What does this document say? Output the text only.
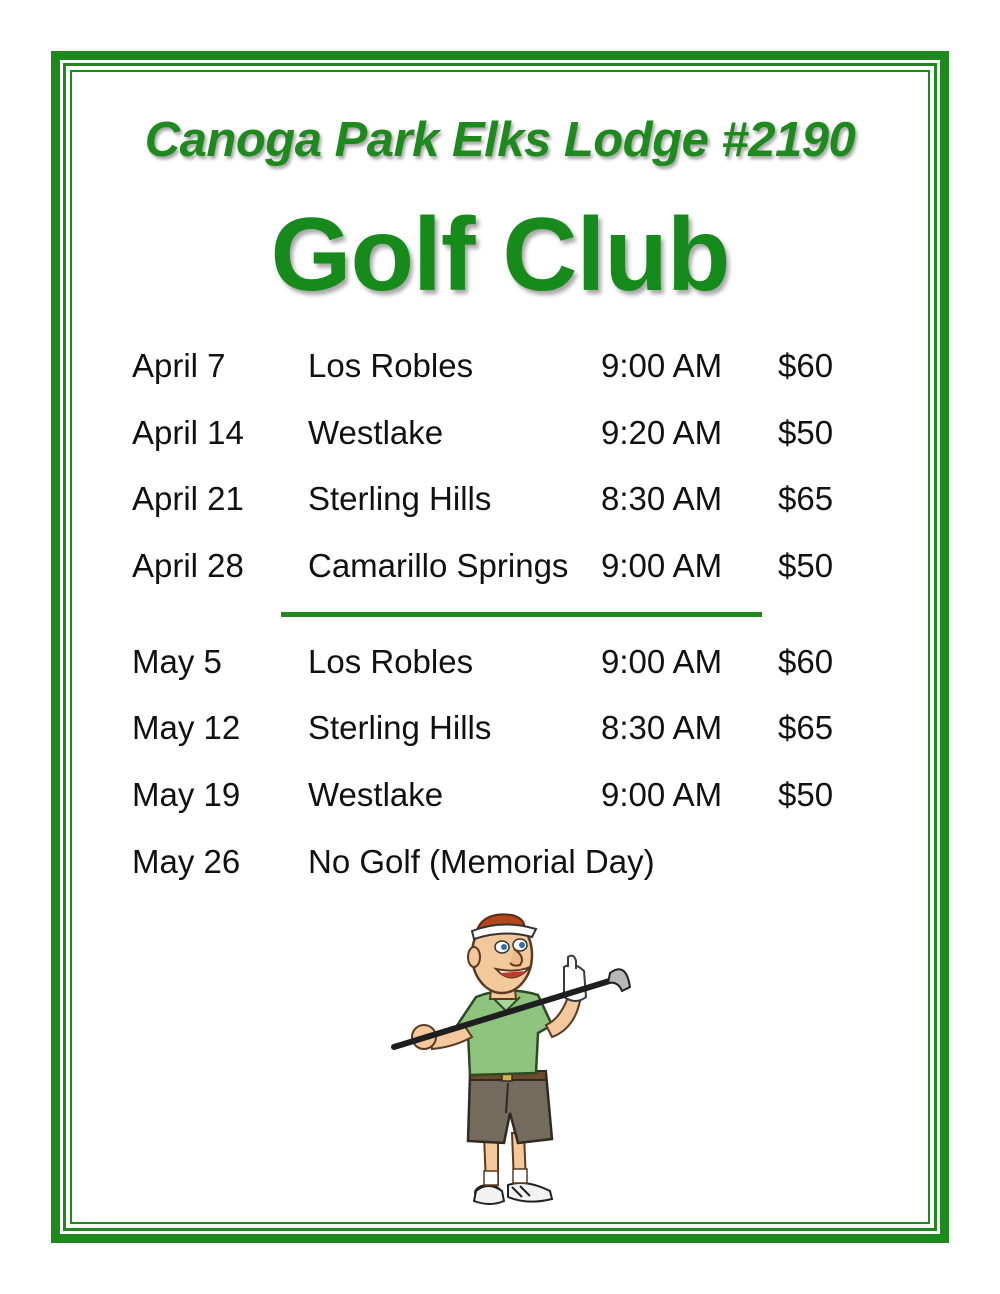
Canoga Park Elks Lodge #2190
Golf Club
April 7 Los Robles	9:00 AM $60
April 14 Westlake	9:20 AM $50
April 21 Sterling Hills	8:30 AM $65
April 28 Camarillo Springs 9:00 AM $50
May 5	Los Robles	9:00 AM $60
May 12 Sterling Hills	8:30 AM $65
May 19 Westlake	9:00 AM $50
May 26 No Golf (Memorial Day)
